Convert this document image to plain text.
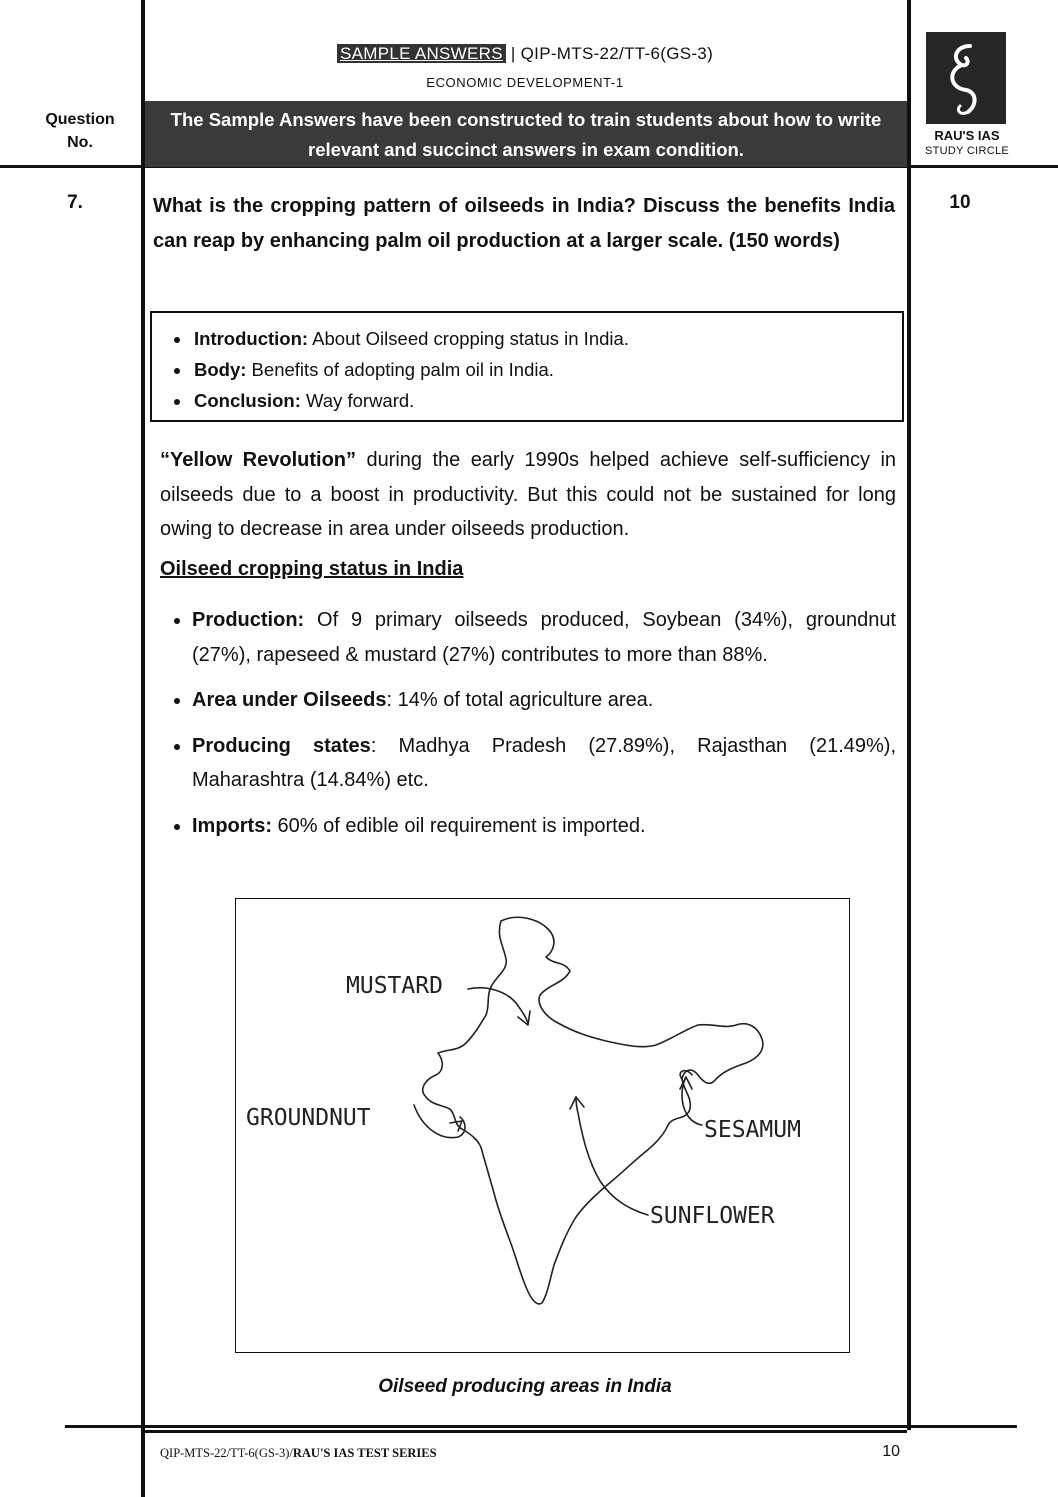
SAMPLE ANSWERS | QIP-MTS-22/TT-6(GS-3)
ECONOMIC DEVELOPMENT-1
Question No.
The Sample Answers have been constructed to train students about how to write relevant and succinct answers in exam condition.
RAU'S IAS
STUDY CIRCLE
7.	What is the cropping pattern of oilseeds in India? Discuss the benefits India can reap by enhancing palm oil production at a larger scale. (150 words)
10
• Introduction: About Oilseed cropping status in India.
• Body: Benefits of adopting palm oil in India.
• Conclusion: Way forward.
“Yellow Revolution” during the early 1990s helped achieve self-sufficiency in oilseeds due to a boost in productivity. But this could not be sustained for long owing to decrease in area under oilseeds production.
Oilseed cropping status in India
• Production: Of 9 primary oilseeds produced, Soybean (34%), groundnut (27%), rapeseed & mustard (27%) contributes to more than 88%.
• Area under Oilseeds: 14% of total agriculture area.
• Producing states: Madhya Pradesh (27.89%), Rajasthan (21.49%), Maharashtra (14.84%) etc.
• Imports: 60% of edible oil requirement is imported.
MUSTARD
GROUNDNUT	SESAMUM
SUNFLOWER
Oilseed producing areas in India
QIP-MTS-22/TT-6(GS-3)/RAU'S IAS TEST SERIES	10
